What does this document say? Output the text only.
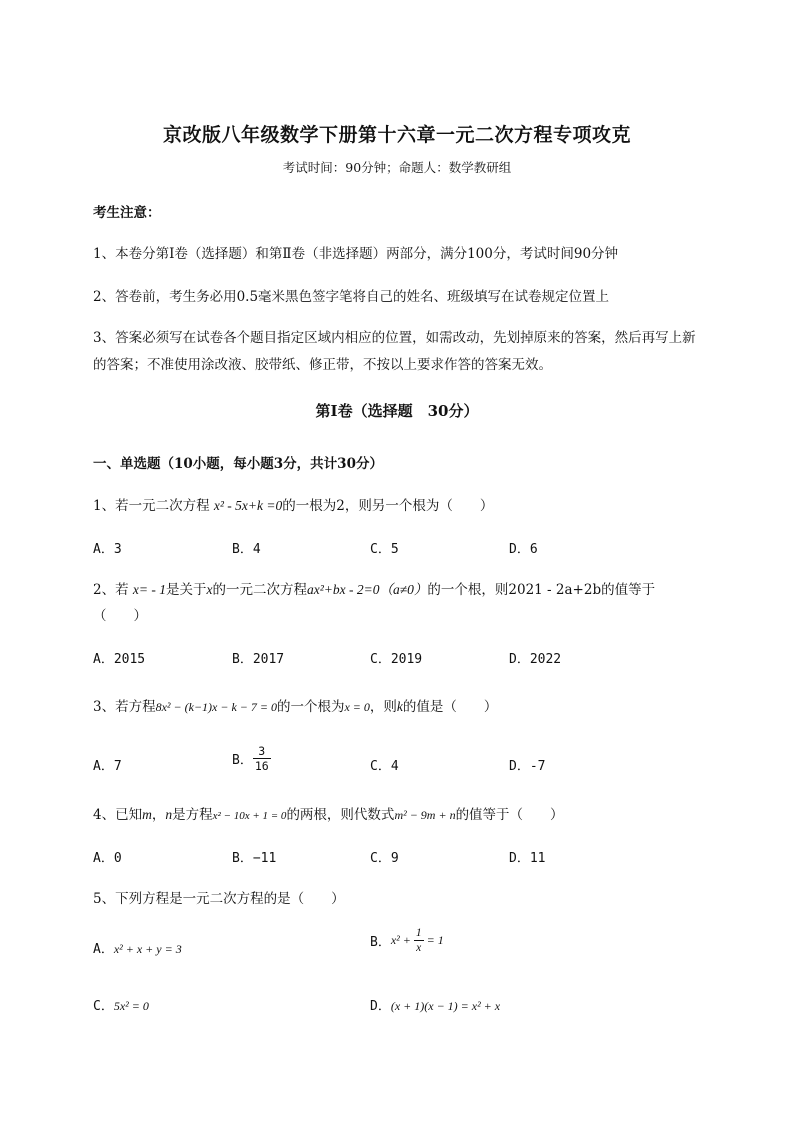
京改版八年级数学下册第十六章一元二次方程专项攻克
考试时间：90分钟；命题人：数学教研组
考生注意：
1、本卷分第I卷（选择题）和第Ⅱ卷（非选择题）两部分，满分100分，考试时间90分钟
2、答卷前，考生务必用0.5毫米黑色签字笔将自己的姓名、班级填写在试卷规定位置上
3、答案必须写在试卷各个题目指定区域内相应的位置，如需改动，先划掉原来的答案，然后再写上新
的答案；不准使用涂改液、胶带纸、修正带，不按以上要求作答的答案无效。
第I卷（选择题　30分）
一、单选题（10小题，每小题3分，共计30分）
1、若一元二次方程 x² - 5x+k =0的一根为2，则另一个根为（　　）
A．3	B．4	C．5	D．6
2、若 x= - 1是关于x的一元二次方程ax²+bx - 2=0（a≠0）的一个根，则2021 - 2a+2b的值等于
（　　）
A．2015	B．2017	C．2019	D．2022
3、若方程8x² − (k−1)x − k − 7 = 0的一个根为x = 0，则k的值是（　　）
A．7	B． $\frac{3}{16}$	C．4	D．-7
4、已知m，n是方程x² − 10x + 1 = 0的两根，则代数式m² − 9m + n的值等于（　　）
A．0	B．−11	C．9	D．11
5、下列方程是一元二次方程的是（　　）
A．x² + x + y = 3	B．$x^2 + \frac{1}{x} = 1$
C．5x² = 0	D．(x + 1)(x − 1) = x² + x
